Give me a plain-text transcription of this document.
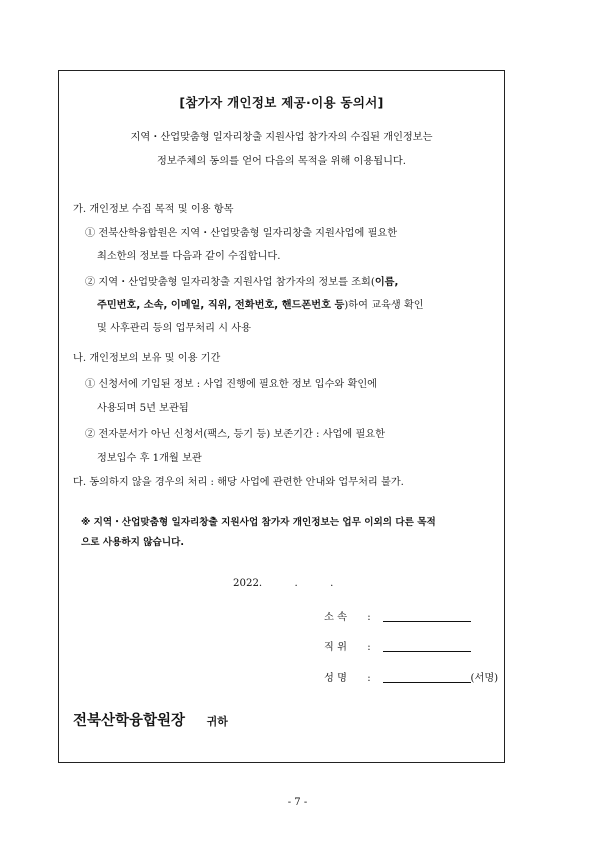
[참가자 개인정보 제공·이용 동의서]
지역・산업맞춤형 일자리창출 지원사업 참가자의 수집된 개인정보는
정보주체의 동의를 얻어 다음의 목적을 위해 이용됩니다.
가. 개인정보 수집 목적 및 이용 항목
① 전북산학융합원은 지역・산업맞춤형 일자리창출 지원사업에 필요한
최소한의 정보를 다음과 같이 수집합니다.
② 지역・산업맞춤형 일자리창출 지원사업 참가자의 정보를 조회(이름,
주민번호, 소속, 이메일, 직위, 전화번호, 핸드폰번호 등)하여 교육생 확인
및 사후관리 등의 업무처리 시 사용
나. 개인정보의 보유 및 이용 기간
① 신청서에 기입된 정보 : 사업 진행에 필요한 정보 입수와 확인에
사용되며 5년 보관됨
② 전자문서가 아닌 신청서(팩스, 등기 등) 보존기간 : 사업에 필요한
정보입수 후 1개월 보관
다. 동의하지 않을 경우의 처리 : 해당 사업에 관련한 안내와 업무처리 불가.
※ 지역・산업맞춤형 일자리창출 지원사업 참가자 개인정보는 업무 이외의 다른 목적
으로 사용하지 않습니다.
2022.          .          .
소 속 :
직 위 :
성 명 :	(서명)
전북산학융합원장 귀하
- 7 -
